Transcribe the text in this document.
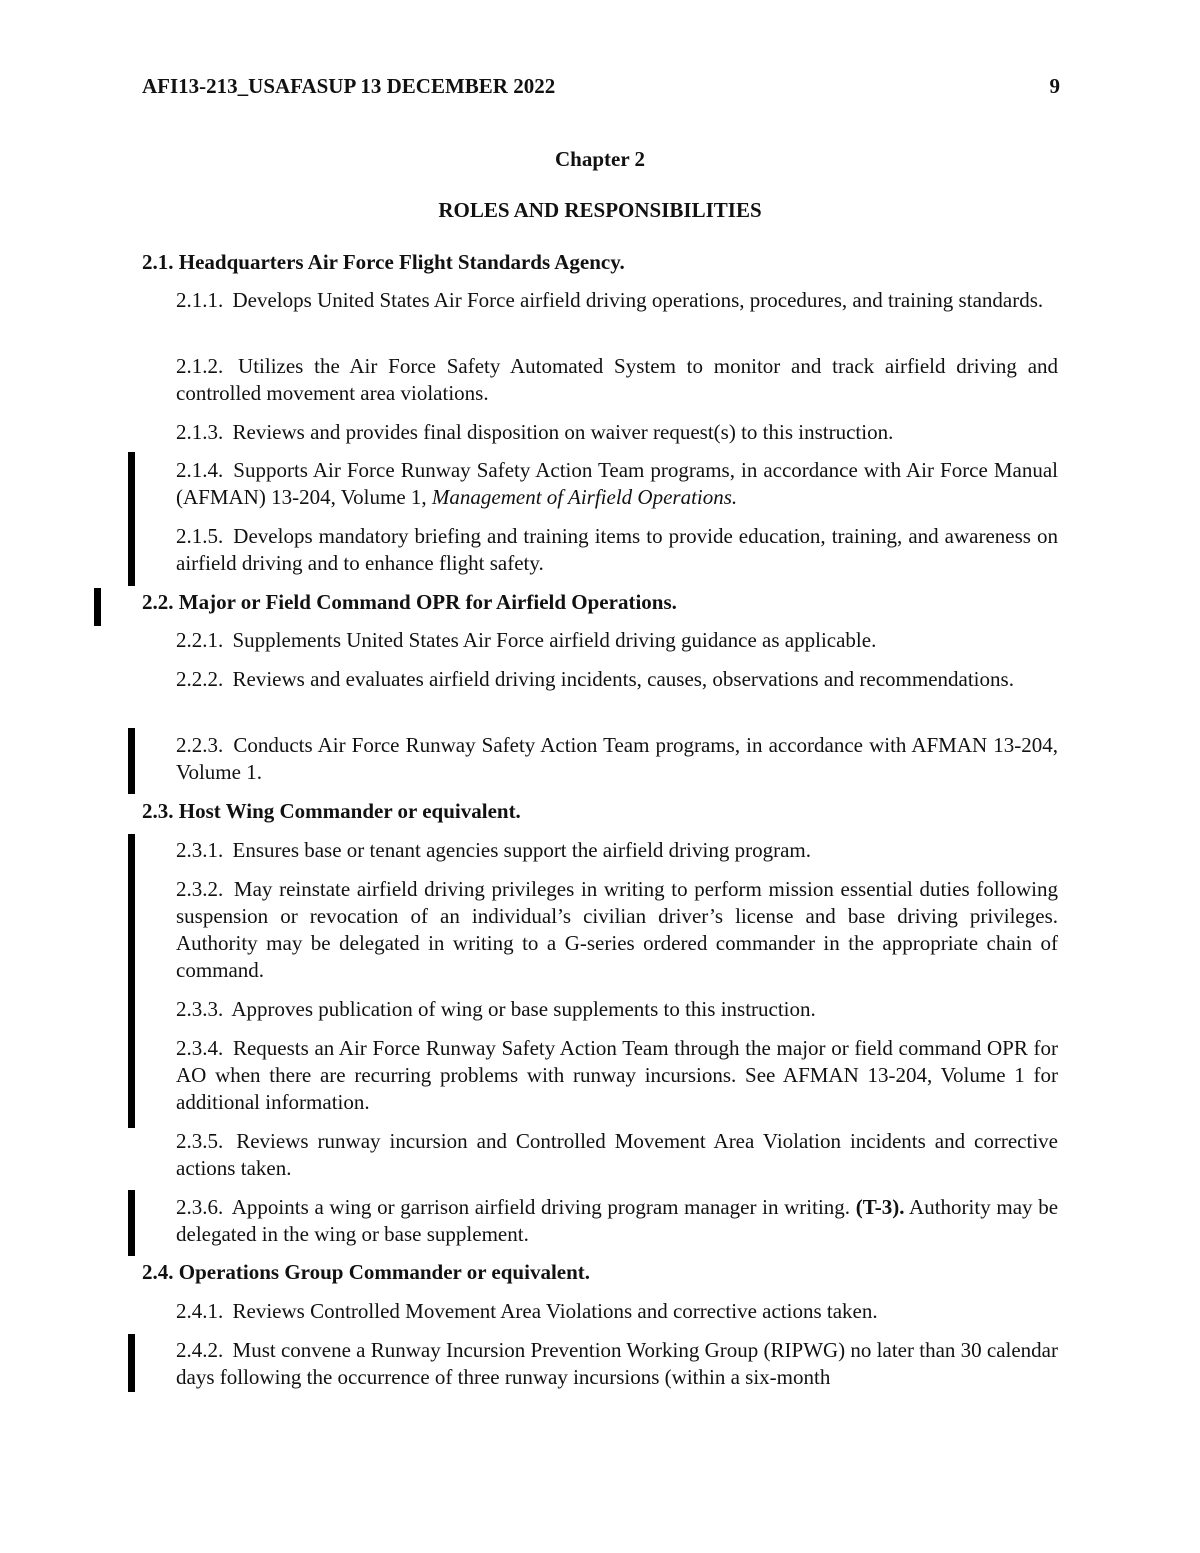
AFI13-213_USAFASUP 13 DECEMBER 2022	9
Chapter 2
ROLES AND RESPONSIBILITIES
2.1. Headquarters Air Force Flight Standards Agency.
2.1.1. Develops United States Air Force airfield driving operations, procedures, and training standards.
2.1.2. Utilizes the Air Force Safety Automated System to monitor and track airfield driving and controlled movement area violations.
2.1.3. Reviews and provides final disposition on waiver request(s) to this instruction.
2.1.4. Supports Air Force Runway Safety Action Team programs, in accordance with Air Force Manual (AFMAN) 13-204, Volume 1, Management of Airfield Operations.
2.1.5. Develops mandatory briefing and training items to provide education, training, and awareness on airfield driving and to enhance flight safety.
2.2. Major or Field Command OPR for Airfield Operations.
2.2.1. Supplements United States Air Force airfield driving guidance as applicable.
2.2.2. Reviews and evaluates airfield driving incidents, causes, observations and recommendations.
2.2.3. Conducts Air Force Runway Safety Action Team programs, in accordance with AFMAN 13-204, Volume 1.
2.3. Host Wing Commander or equivalent.
2.3.1. Ensures base or tenant agencies support the airfield driving program.
2.3.2. May reinstate airfield driving privileges in writing to perform mission essential duties following suspension or revocation of an individual’s civilian driver’s license and base driving privileges. Authority may be delegated in writing to a G-series ordered commander in the appropriate chain of command.
2.3.3. Approves publication of wing or base supplements to this instruction.
2.3.4. Requests an Air Force Runway Safety Action Team through the major or field command OPR for AO when there are recurring problems with runway incursions. See AFMAN 13-204, Volume 1 for additional information.
2.3.5. Reviews runway incursion and Controlled Movement Area Violation incidents and corrective actions taken.
2.3.6. Appoints a wing or garrison airfield driving program manager in writing. (T-3). Authority may be delegated in the wing or base supplement.
2.4. Operations Group Commander or equivalent.
2.4.1. Reviews Controlled Movement Area Violations and corrective actions taken.
2.4.2. Must convene a Runway Incursion Prevention Working Group (RIPWG) no later than 30 calendar days following the occurrence of three runway incursions (within a six-month
